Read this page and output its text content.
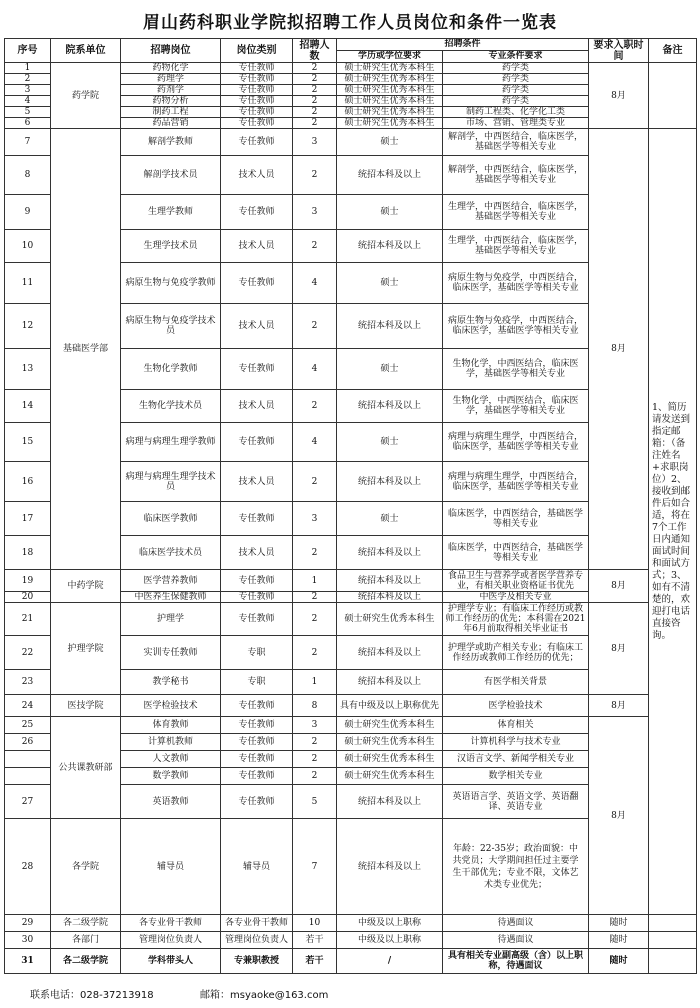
眉山药科职业学院拟招聘工作人员岗位和条件一览表
序号	院系单位	招聘岗位	岗位类别	招聘人数	招聘条件		要求入职时间	备注	
					学历或学位要求	专业条件要求			
1	药学院	药物化学	专任教师	2	硕士研究生优秀本科生	药学类	8月		
2		药理学	专任教师	2	硕士研究生优秀本科生	药学类			
3		药剂学	专任教师	2	硕士研究生优秀本科生	药学类			
4		药物分析	专任教师	2	硕士研究生优秀本科生	药学类			
5		制药工程	专任教师	2	硕士研究生优秀本科生	制药工程类、化学化工类			
6		药品营销	专任教师	2	硕士研究生优秀本科生	市场、营销、管理类专业			
7	基础医学部	解剖学教师	专任教师	3	硕士	解剖学，中西医结合，临床医学，基础医学等相关专业	8月	1、简历请发送到指定邮箱：（备注姓名+求职岗位）2、接收到邮件后如合适，将在7个工作日内通知面试时间和面试方式；3、如有不清楚的，欢迎打电话直接咨询。	
8		解剖学技术员	技术人员	2	统招本科及以上	解剖学，中西医结合，临床医学，基础医学等相关专业			
9		生理学教师	专任教师	3	硕士	生理学，中西医结合，临床医学，基础医学等相关专业			
10		生理学技术员	技术人员	2	统招本科及以上	生理学，中西医结合，临床医学，基础医学等相关专业			
11		病原生物与免疫学教师	专任教师	4	硕士	病原生物与免疫学，中西医结合，临床医学，基础医学等相关专业			
12		病原生物与免疫学技术员	技术人员	2	统招本科及以上	病原生物与免疫学，中西医结合，临床医学，基础医学等相关专业			
13		生物化学教师	专任教师	4	硕士	生物化学，中西医结合，临床医学，基础医学等相关专业			
14		生物化学技术员	技术人员	2	统招本科及以上	生物化学，中西医结合，临床医学，基础医学等相关专业			
15		病理与病理生理学教师	专任教师	4	硕士	病理与病理生理学，中西医结合，临床医学，基础医学等相关专业			
16		病理与病理生理学技术员	技术人员	2	统招本科及以上	病理与病理生理学，中西医结合，临床医学，基础医学等相关专业			
17		临床医学教师	专任教师	3	硕士	临床医学，中西医结合，基础医学等相关专业			
18		临床医学技术员	技术人员	2	统招本科及以上	临床医学，中西医结合，基础医学等相关专业			
19	中药学院	医学营养教师	专任教师	1	统招本科及以上	食品卫生与营养学或者医学营养专业，有相关职业资格证书优先	8月		
20		中医养生保健教师	专任教师	2	统招本科及以上	中医学及相关专业			
21	护理学院	护理学	专任教师	2	硕士研究生优秀本科生	护理学专业；有临床工作经历或教师工作经历的优先；本科需在2021年6月前取得相关毕业证书	8月		
22		实训专任教师	专职	2	统招本科及以上	护理学或助产相关专业；有临床工作经历或教师工作经历的优先；			
23		教学秘书	专职	1	统招本科及以上	有医学相关背景			
24	医技学院	医学检验技术	专任教师	8	具有中级及以上职称优先	医学检验技术	8月		
25	公共课教研部	体育教师	专任教师	3	硕士研究生优秀本科生	体育相关	8月		
26		计算机教师	专任教师	2	硕士研究生优秀本科生	计算机科学与技术专业			
		人文教师	专任教师	2	硕士研究生优秀本科生	汉语言文学、新闻学相关专业			
		数学教师	专任教师	2	硕士研究生优秀本科生	数学相关专业			
27		英语教师	专任教师	5	统招本科及以上	英语语言学、英语文学、英语翻译、英语专业			
28	各学院	辅导员	辅导员	7	统招本科及以上	年龄：22-35岁；政治面貌：中共党员；大学期间担任过主要学生干部优先；专业不限，文体艺术类专业优先；			
29	各二级学院	各专业骨干教师	各专业骨干教师	10	中级及以上职称	待遇面议	随时		
30	各部门	管理岗位负责人	管理岗位负责人	若干	中级及以上职称	待遇面议	随时		
31	各二级学院	学科带头人	专兼职教授	若干	/	具有相关专业副高级（含）以上职称，待遇面议	随时		
联系电话：028-37213918	邮箱：msyaoke@163.com
